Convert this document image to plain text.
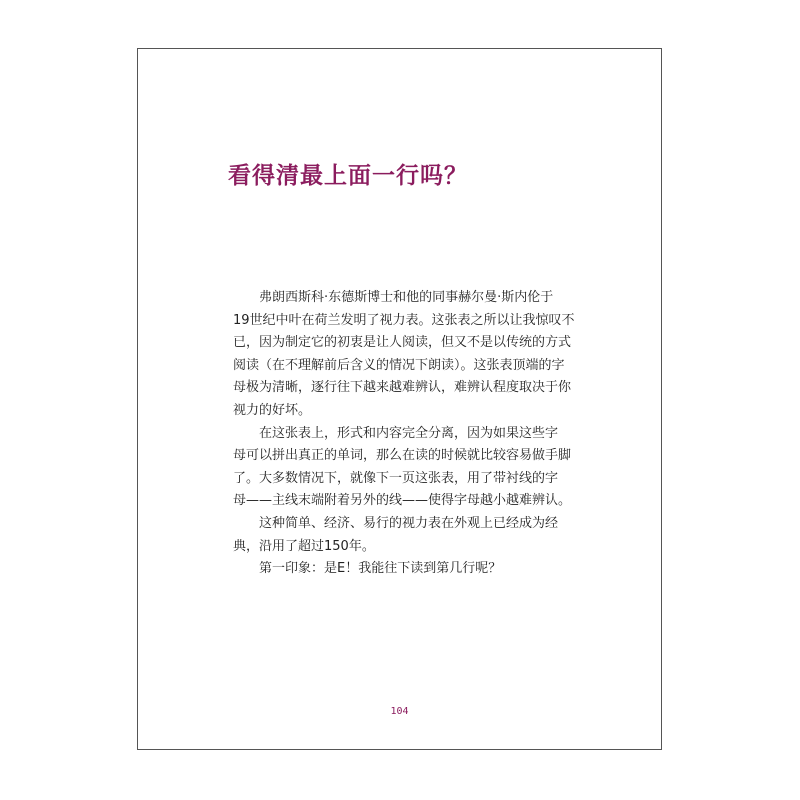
看得清最上面一行吗？

弗朗西斯科·东德斯博士和他的同事赫尔曼·斯内伦于
19世纪中叶在荷兰发明了视力表。这张表之所以让我惊叹不
已，因为制定它的初衷是让人阅读，但又不是以传统的方式
阅读（在不理解前后含义的情况下朗读）。这张表顶端的字
母极为清晰，逐行往下越来越难辨认，难辨认程度取决于你
视力的好坏。

在这张表上，形式和内容完全分离，因为如果这些字
母可以拼出真正的单词，那么在读的时候就比较容易做手脚
了。大多数情况下，就像下一页这张表，用了带衬线的字
母——主线末端附着另外的线——使得字母越小越难辨认。

这种简单、经济、易行的视力表在外观上已经成为经
典，沿用了超过150年。

第一印象：是E！我能往下读到第几行呢？

104
